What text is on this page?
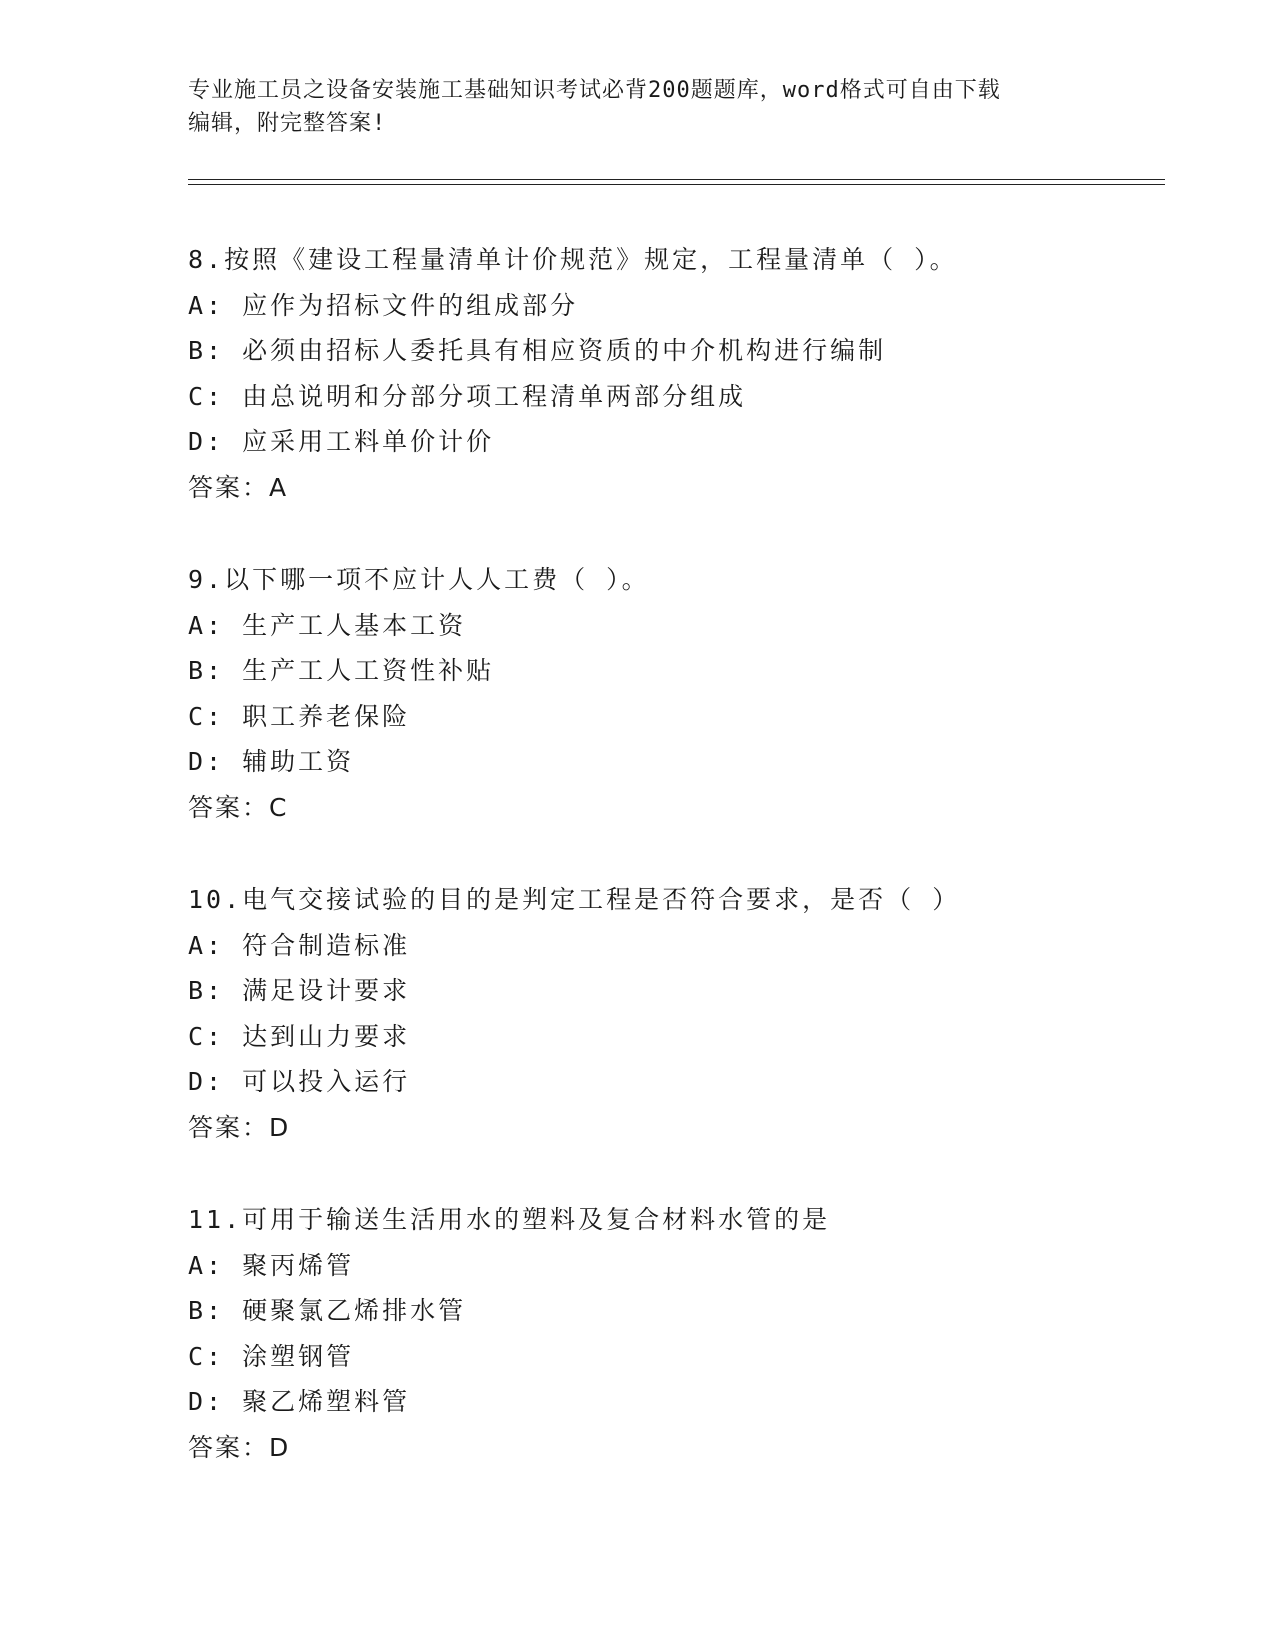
专业施工员之设备安装施工基础知识考试必背200题题库，word格式可自由下载
编辑，附完整答案!
8.按照《建设工程量清单计价规范》规定，工程量清单（ ）。
A: 应作为招标文件的组成部分
B: 必须由招标人委托具有相应资质的中介机构进行编制
C: 由总说明和分部分项工程清单两部分组成
D: 应采用工料单价计价
答案：A
9.以下哪一项不应计人人工费（ ）。
A: 生产工人基本工资
B: 生产工人工资性补贴
C: 职工养老保险
D: 辅助工资
答案：C
10.电气交接试验的目的是判定工程是否符合要求，是否（ ）
A: 符合制造标准
B: 满足设计要求
C: 达到山力要求
D: 可以投入运行
答案：D
11.可用于输送生活用水的塑料及复合材料水管的是
A: 聚丙烯管
B: 硬聚氯乙烯排水管
C: 涂塑钢管
D: 聚乙烯塑料管
答案：D
